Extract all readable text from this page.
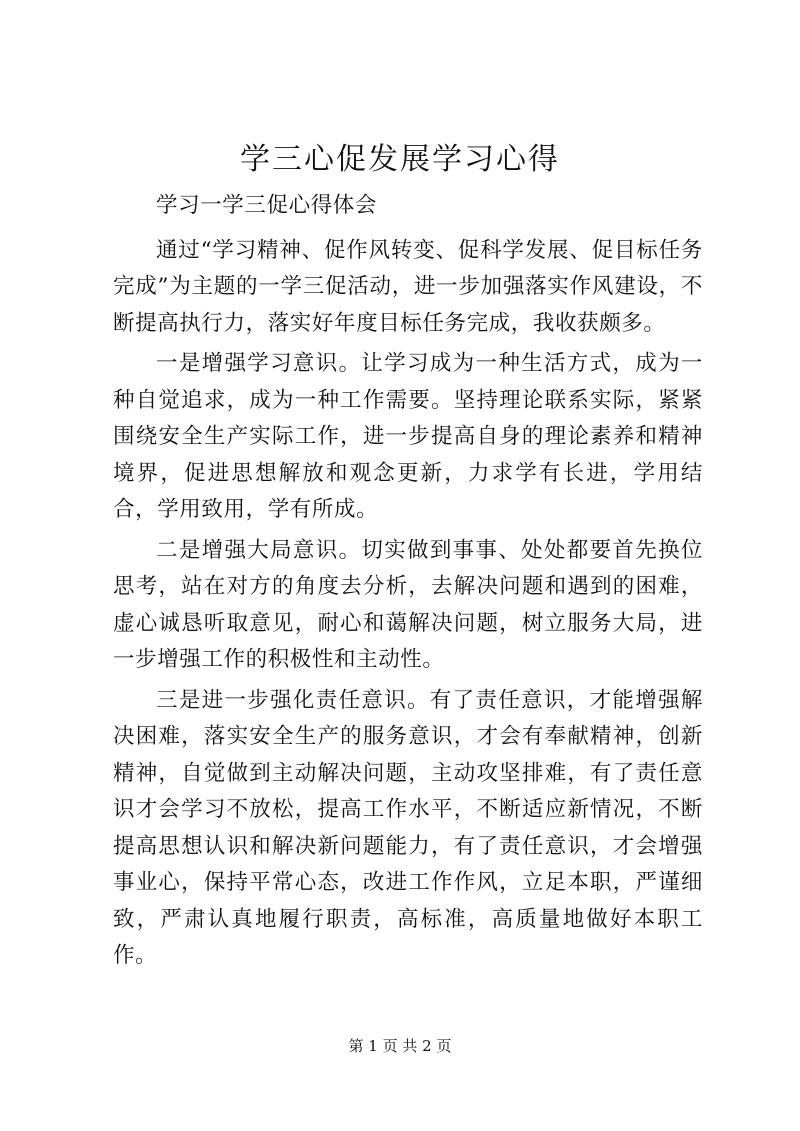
学三心促发展学习心得

学习一学三促心得体会

通过“学习精神、促作风转变、促科学发展、促目标任务完成”为主题的一学三促活动，进一步加强落实作风建设，不断提高执行力，落实好年度目标任务完成，我收获颇多。

一是增强学习意识。让学习成为一种生活方式，成为一种自觉追求，成为一种工作需要。坚持理论联系实际，紧紧围绕安全生产实际工作，进一步提高自身的理论素养和精神境界，促进思想解放和观念更新，力求学有长进，学用结合，学用致用，学有所成。

二是增强大局意识。切实做到事事、处处都要首先换位思考，站在对方的角度去分析，去解决问题和遇到的困难，虚心诚恳听取意见，耐心和蔼解决问题，树立服务大局，进一步增强工作的积极性和主动性。

三是进一步强化责任意识。有了责任意识，才能增强解决困难，落实安全生产的服务意识，才会有奉献精神，创新精神，自觉做到主动解决问题，主动攻坚排难，有了责任意识才会学习不放松，提高工作水平，不断适应新情况，不断提高思想认识和解决新问题能力，有了责任意识，才会增强事业心，保持平常心态，改进工作作风，立足本职，严谨细致，严肃认真地履行职责，高标准，高质量地做好本职工作。

第 1 页 共 2 页
